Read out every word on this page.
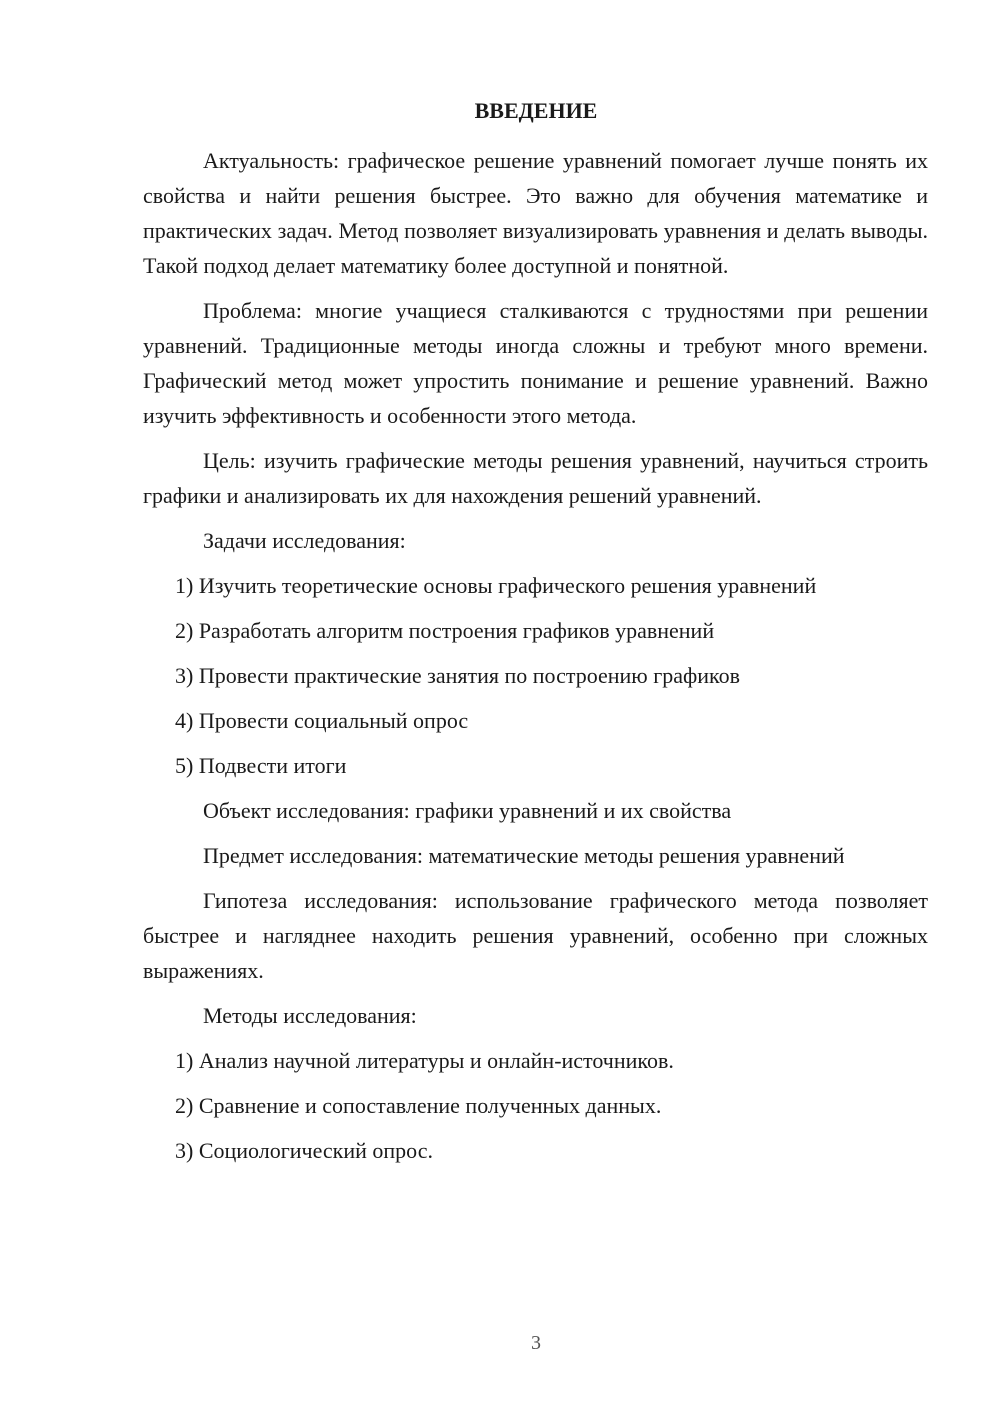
ВВЕДЕНИЕ

Актуальность: графическое решение уравнений помогает лучше понять их свойства и найти решения быстрее. Это важно для обучения математике и практических задач. Метод позволяет визуализировать уравнения и делать выводы. Такой подход делает математику более доступной и понятной.

Проблема: многие учащиеся сталкиваются с трудностями при решении уравнений. Традиционные методы иногда сложны и требуют много времени. Графический метод может упростить понимание и решение уравнений. Важно изучить эффективность и особенности этого метода.

Цель: изучить графические методы решения уравнений, научиться строить графики и анализировать их для нахождения решений уравнений.

Задачи исследования:

1) Изучить теоретические основы графического решения уравнений

2) Разработать алгоритм построения графиков уравнений

3) Провести практические занятия по построению графиков

4) Провести социальный опрос

5) Подвести итоги

Объект исследования: графики уравнений и их свойства

Предмет исследования: математические методы решения уравнений

Гипотеза исследования: использование графического метода позволяет быстрее и нагляднее находить решения уравнений, особенно при сложных выражениях.

Методы исследования:

1) Анализ научной литературы и онлайн-источников.

2) Сравнение и сопоставление полученных данных.

3) Социологический опрос.

3
